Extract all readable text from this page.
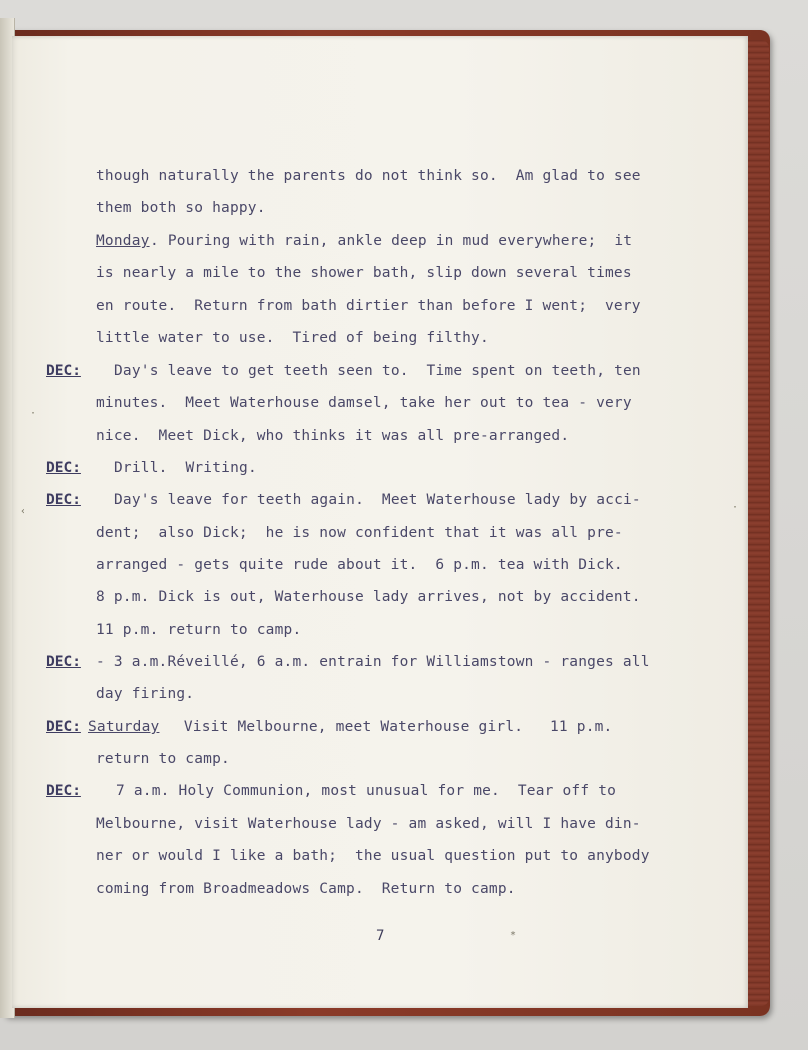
though naturally the parents do not think so.  Am glad to see
them both so happy.
Monday . Pouring with rain, ankle deep in mud everywhere;  it
is nearly a mile to the shower bath, slip down several times
en route.  Return from bath dirtier than before I went;  very
little water to use.  Tired of being filthy.
DEC: Day's leave to get teeth seen to.  Time spent on teeth, ten
minutes.  Meet Waterhouse damsel, take her out to tea - very
nice.  Meet Dick, who thinks it was all pre-arranged.
DEC: Drill.  Writing.
DEC: Day's leave for teeth again.  Meet Waterhouse lady by acci-
dent;  also Dick;  he is now confident that it was all pre-
arranged - gets quite rude about it.  6 p.m. tea with Dick.
8 p.m. Dick is out, Waterhouse lady arrives, not by accident.
11 p.m. return to camp.
DEC: - 3 a.m.Réveillé, 6 a.m. entrain for Williamstown - ranges all
day firing.
DEC: Saturday Visit Melbourne, meet Waterhouse girl.   11 p.m.
return to camp.
DEC: 7 a.m. Holy Communion, most unusual for me.  Tear off to
Melbourne, visit Waterhouse lady - am asked, will I have din-
ner or would I like a bath;  the usual question put to anybody
coming from Broadmeadows Camp.  Return to camp.
7
·
‹
*
·
